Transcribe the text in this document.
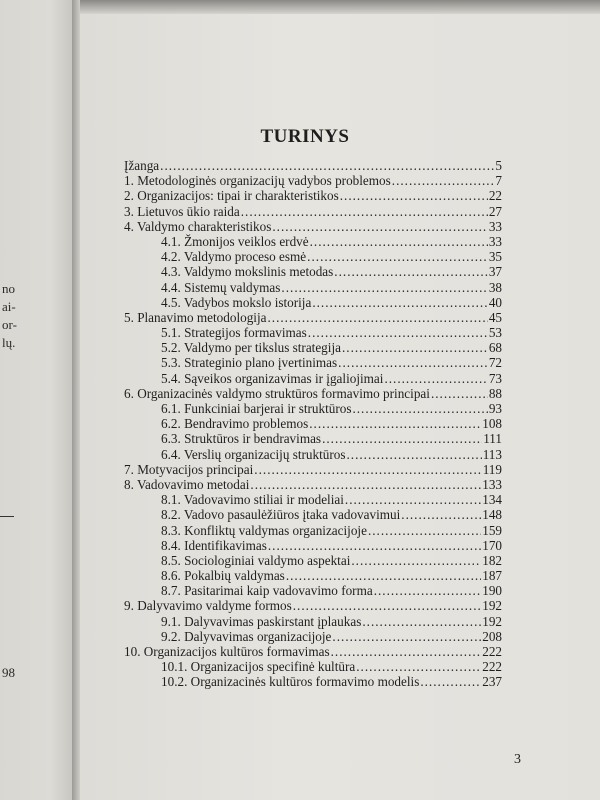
no
ai-
or-
lų.
98
TURINYS
Įžanga .....	5
1. Metodologinės organizacijų vadybos problemos .....	7
2. Organizacijos: tipai ir charakteristikos .....	22
3. Lietuvos ūkio raida .....	27
4. Valdymo charakteristikos .....	33
4.1. Žmonijos veiklos erdvė .....	33
4.2. Valdymo proceso esmė .....	35
4.3. Valdymo mokslinis metodas .....	37
4.4. Sistemų valdymas .....	38
4.5. Vadybos mokslo istorija .....	40
5. Planavimo metodologija .....	45
5.1. Strategijos formavimas .....	53
5.2. Valdymo per tikslus strategija .....	68
5.3. Strateginio plano įvertinimas .....	72
5.4. Sąveikos organizavimas ir įgaliojimai .....	73
6. Organizacinės valdymo struktūros formavimo principai .....	88
6.1. Funkciniai barjerai ir struktūros .....	93
6.2. Bendravimo problemos .....	108
6.3. Struktūros ir bendravimas .....	111
6.4. Verslių organizacijų struktūros .....	113
7. Motyvacijos principai .....	119
8. Vadovavimo metodai .....	133
8.1. Vadovavimo stiliai ir modeliai .....	134
8.2. Vadovo pasaulėžiūros įtaka vadovavimui .....	148
8.3. Konfliktų valdymas organizacijoje .....	159
8.4. Identifikavimas .....	170
8.5. Sociologiniai valdymo aspektai .....	182
8.6. Pokalbių valdymas .....	187
8.7. Pasitarimai kaip vadovavimo forma .....	190
9. Dalyvavimo valdyme formos .....	192
9.1. Dalyvavimas paskirstant įplaukas .....	192
9.2. Dalyvavimas organizacijoje .....	208
10. Organizacijos kultūros formavimas .....	222
10.1. Organizacijos specifinė kultūra .....	222
10.2. Organizacinės kultūros formavimo modelis .....	237
3
